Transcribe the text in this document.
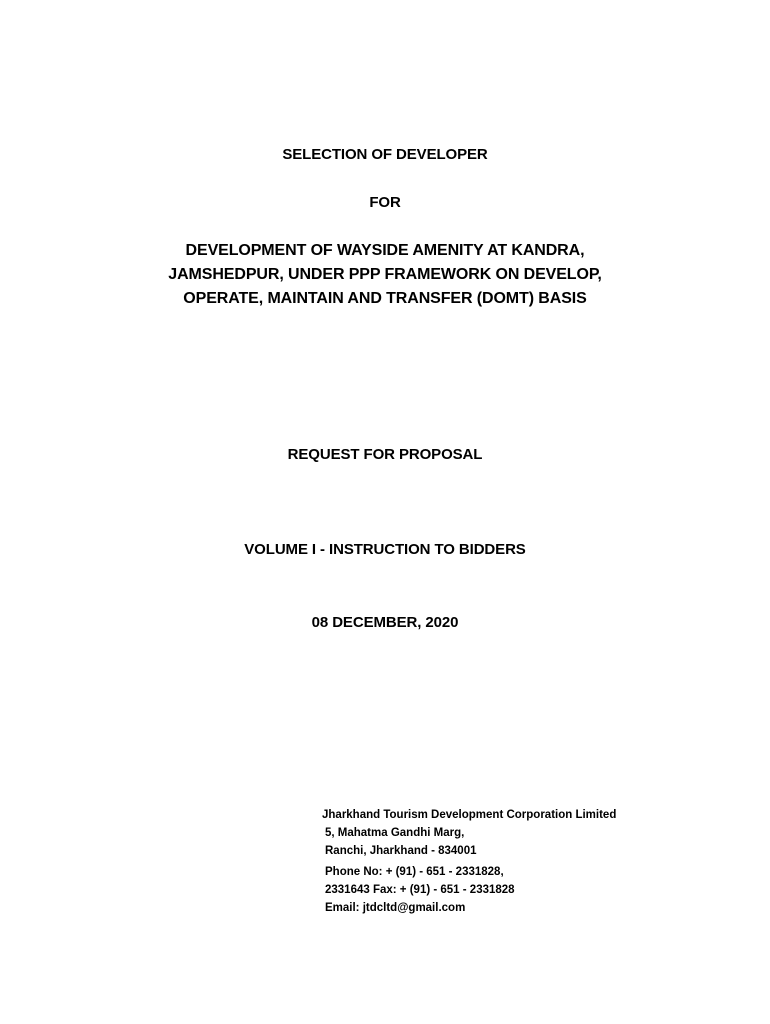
SELECTION OF DEVELOPER
FOR
DEVELOPMENT OF WAYSIDE AMENITY AT KANDRA,
JAMSHEDPUR, UNDER PPP FRAMEWORK ON DEVELOP,
OPERATE, MAINTAIN AND TRANSFER (DOMT) BASIS
REQUEST FOR PROPOSAL
VOLUME I - INSTRUCTION TO BIDDERS
08 DECEMBER, 2020
Jharkhand Tourism Development Corporation Limited
5, Mahatma Gandhi Marg,
Ranchi, Jharkhand - 834001
Phone No: + (91) - 651 - 2331828,
2331643 Fax: + (91) - 651 - 2331828
Email: jtdcltd@gmail.com
